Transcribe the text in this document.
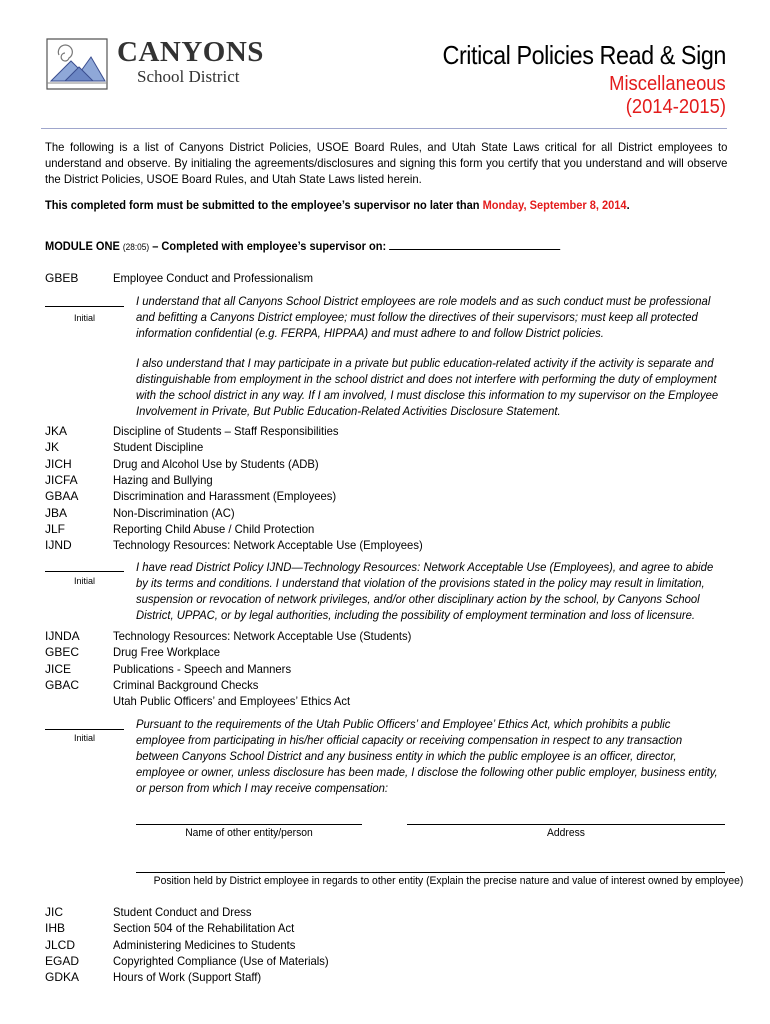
CANYONS
School District
Critical Policies Read & Sign
Miscellaneous
(2014-2015)
The following is a list of Canyons District Policies, USOE Board Rules, and Utah State Laws critical for all District employees to understand and observe. By initialing the agreements/disclosures and signing this form you certify that you understand and will observe the District Policies, USOE Board Rules, and Utah State Laws listed herein.
This completed form must be submitted to the employee’s supervisor no later than Monday, September 8, 2014.
MODULE ONE (28:05) – Completed with employee’s supervisor on:
GBEB	Employee Conduct and Professionalism
Initial
I understand that all Canyons School District employees are role models and as such conduct must be professional and befitting a Canyons District employee; must follow the directives of their supervisors; must keep all protected information confidential (e.g. FERPA, HIPPAA) and must adhere to and follow District policies.
I also understand that I may participate in a private but public education-related activity if the activity is separate and distinguishable from employment in the school district and does not interfere with performing the duty of employment with the school district in any way. If I am involved, I must disclose this information to my supervisor on the Employee Involvement in Private, But Public Education-Related Activities Disclosure Statement.
JKA	Discipline of Students – Staff Responsibilities
JK	Student Discipline
JICH	Drug and Alcohol Use by Students (ADB)
JICFA	Hazing and Bullying
GBAA	Discrimination and Harassment (Employees)
JBA	Non-Discrimination (AC)
JLF	Reporting Child Abuse / Child Protection
IJND	Technology Resources: Network Acceptable Use (Employees)
Initial
I have read District Policy IJND—Technology Resources: Network Acceptable Use (Employees), and agree to abide by its terms and conditions. I understand that violation of the provisions stated in the policy may result in limitation, suspension or revocation of network privileges, and/or other disciplinary action by the school, by Canyons School District, UPPAC, or by legal authorities, including the possibility of employment termination and loss of licensure.
IJNDA	Technology Resources: Network Acceptable Use (Students)
GBEC	Drug Free Workplace
JICE	Publications - Speech and Manners
GBAC	Criminal Background Checks
Utah Public Officers’ and Employees’ Ethics Act
Initial
Pursuant to the requirements of the Utah Public Officers’ and Employee’ Ethics Act, which prohibits a public employee from participating in his/her official capacity or receiving compensation in respect to any transaction between Canyons School District and any business entity in which the public employee is an officer, director, employee or owner, unless disclosure has been made, I disclose the following other public employer, business entity, or person from which I may receive compensation:
Name of other entity/person	Address
Position held by District employee in regards to other entity (Explain the precise nature and value of interest owned by employee)
JIC	Student Conduct and Dress
IHB	Section 504 of the Rehabilitation Act
JLCD	Administering Medicines to Students
EGAD	Copyrighted Compliance (Use of Materials)
GDKA	Hours of Work (Support Staff)
